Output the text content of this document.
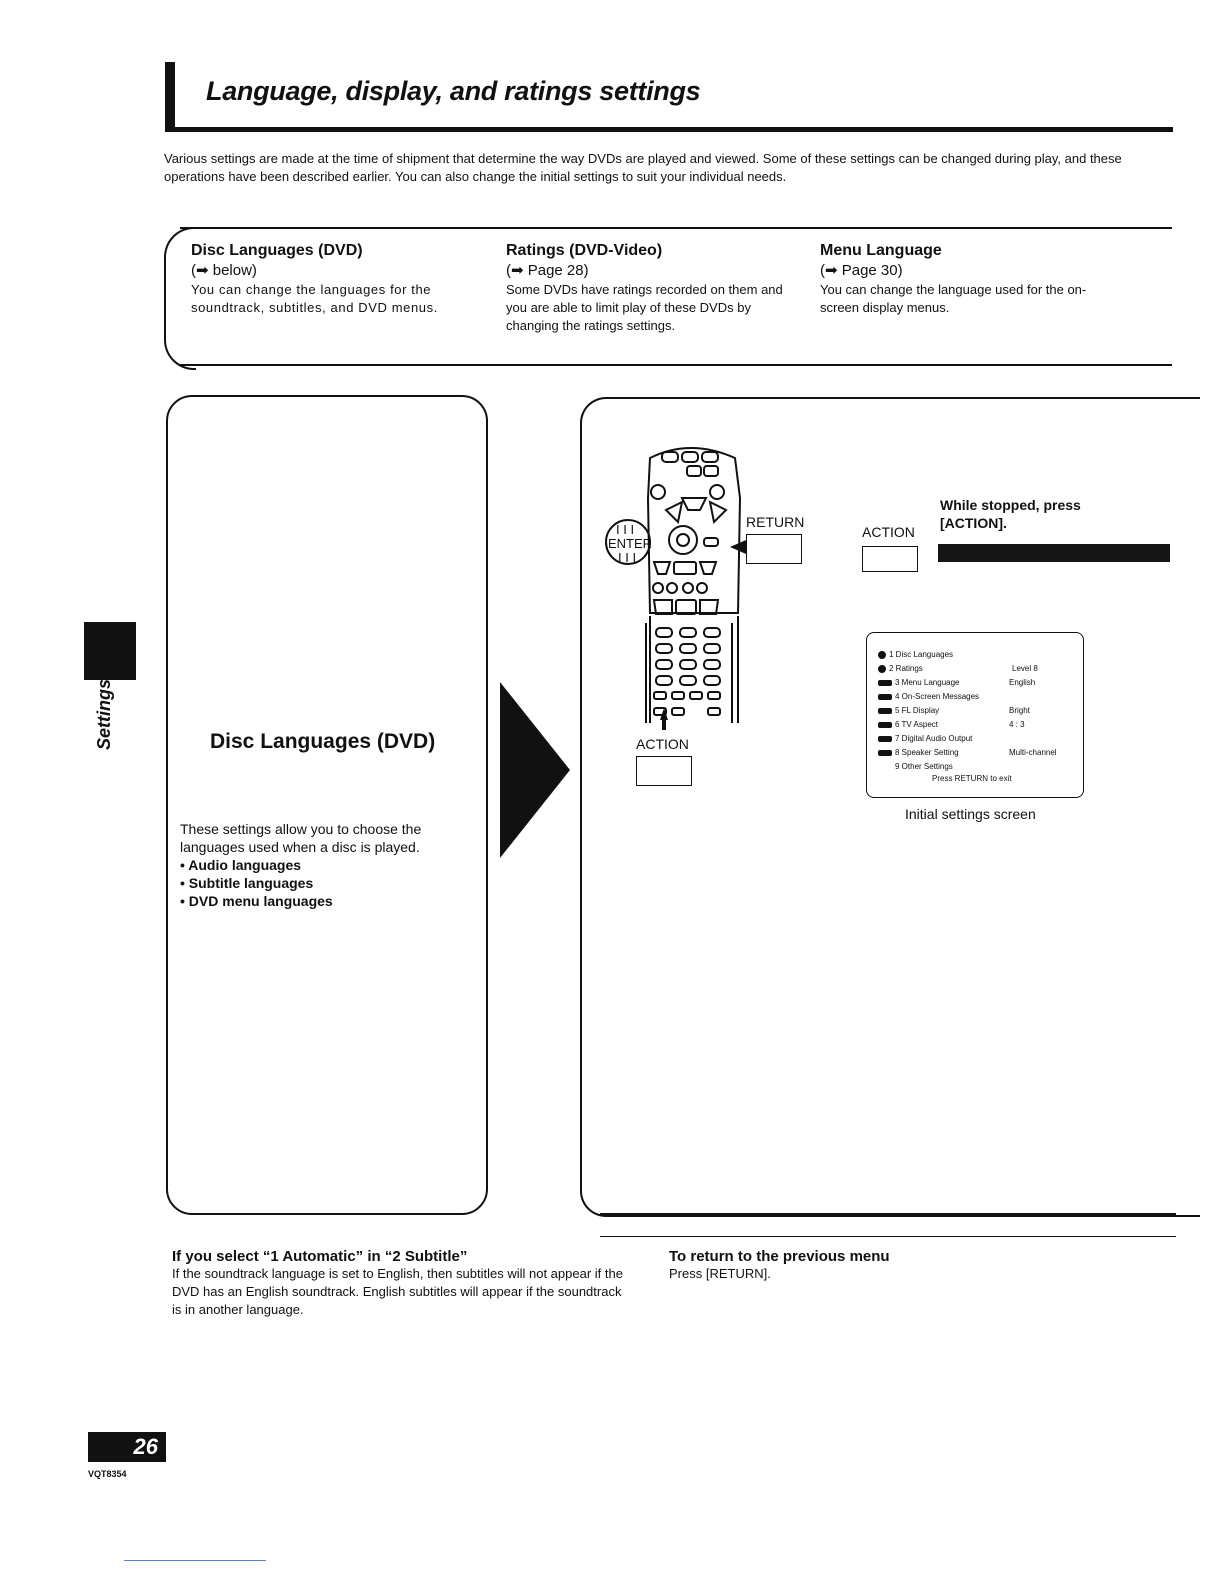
Language, display, and ratings settings
Various settings are made at the time of shipment that determine the way DVDs are played and viewed. Some of these settings can be changed during play, and these operations have been described earlier. You can also change the initial settings to suit your individual needs.
Disc Languages (DVD)
(➡ below)
You can change the languages for the soundtrack, subtitles, and DVD menus.
Ratings (DVD-Video)
(➡ Page 28)
Some DVDs have ratings recorded on them and you are able to limit play of these DVDs by changing the ratings settings.
Menu Language
(➡ Page 30)
You can change the language used for the on-screen display menus.
Disc Languages (DVD)
These settings allow you to choose the languages used when a disc is played.
• Audio languages
• Subtitle languages
• DVD menu languages
I I I
ENTER
I I I
RETURN
ACTION
ACTION
While stopped, press
[ACTION].
1 Disc Languages
2 Ratings	Level 8
3 Menu Language	English
4 On-Screen Messages
5 FL Display	Bright
6 TV Aspect	4 : 3
7 Digital Audio Output
8 Speaker Setting	Multi-channel
9 Other Settings
Press RETURN to exit
Initial settings screen
If you select “1 Automatic” in “2 Subtitle”
If the soundtrack language is set to English, then subtitles will not appear if the DVD has an English soundtrack. English subtitles will appear if the soundtrack is in another language.
To return to the previous menu
Press [RETURN].
Settings
26
VQT8354
